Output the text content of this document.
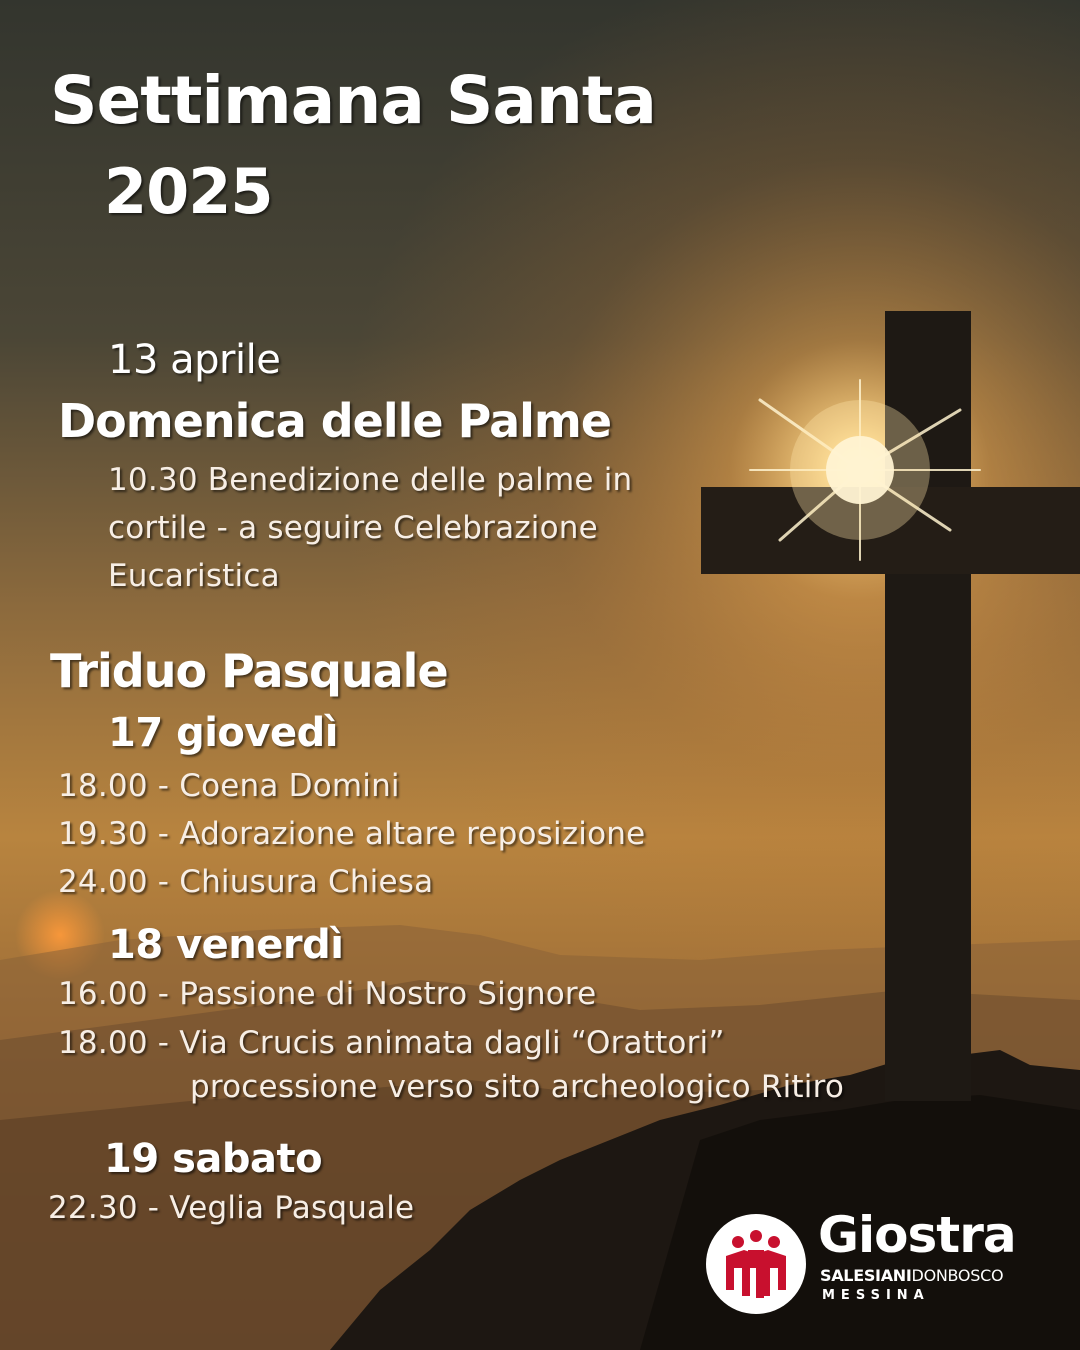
Settimana Santa
2025
13 aprile
Domenica delle Palme
10.30 Benedizione delle palme in
cortile - a seguire Celebrazione
Eucaristica
Triduo Pasquale
17 giovedì
18.00 - Coena Domini
19.30 - Adorazione altare reposizione
24.00 - Chiusura Chiesa
18 venerdì
16.00 - Passione di Nostro Signore
18.00 - Via Crucis animata dagli “Orattori”
processione verso sito archeologico Ritiro
19 sabato
22.30 - Veglia Pasquale	Giostra
SALESIANIDONBOSCO
MESSINA
